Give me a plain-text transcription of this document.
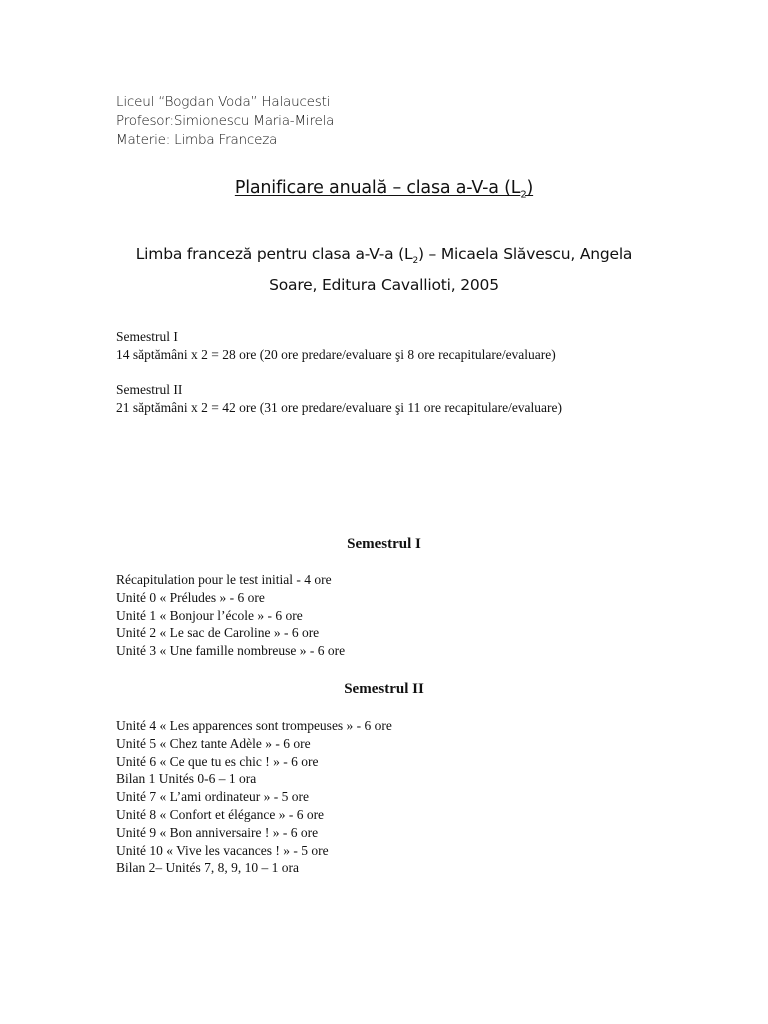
Liceul “Bogdan Voda” Halaucesti
Profesor:Simionescu Maria-Mirela
Materie: Limba Franceza
Planificare anuală – clasa a-V-a $(L_2)$
Limba franceză pentru clasa a-V-a $(L_2)$ – Micaela Slăvescu, Angela
Soare, Editura Cavallioti, 2005
Semestrul I
14 săptămâni x 2 = 28 ore (20 ore predare/evaluare şi 8 ore recapitulare/evaluare)
Semestrul II
21 săptămâni x 2 = 42 ore (31 ore predare/evaluare şi 11 ore recapitulare/evaluare)
Semestrul I
Récapitulation pour le test initial - 4 ore
Unité 0 « Préludes » - 6 ore
Unité 1 « Bonjour l’école » - 6 ore
Unité 2 « Le sac de Caroline » - 6 ore
Unité 3 « Une famille nombreuse » - 6 ore
Semestrul II
Unité 4 « Les apparences sont trompeuses » - 6 ore
Unité 5 « Chez tante Adèle » - 6 ore
Unité 6 « Ce que tu es chic ! » - 6 ore
Bilan 1 Unités 0-6 – 1 ora
Unité 7 « L’ami ordinateur » - 5 ore
Unité 8 « Confort et élégance » - 6 ore
Unité 9 « Bon anniversaire ! » - 6 ore
Unité 10 « Vive les vacances ! » - 5 ore
Bilan 2– Unités 7, 8, 9, 10 – 1 ora
